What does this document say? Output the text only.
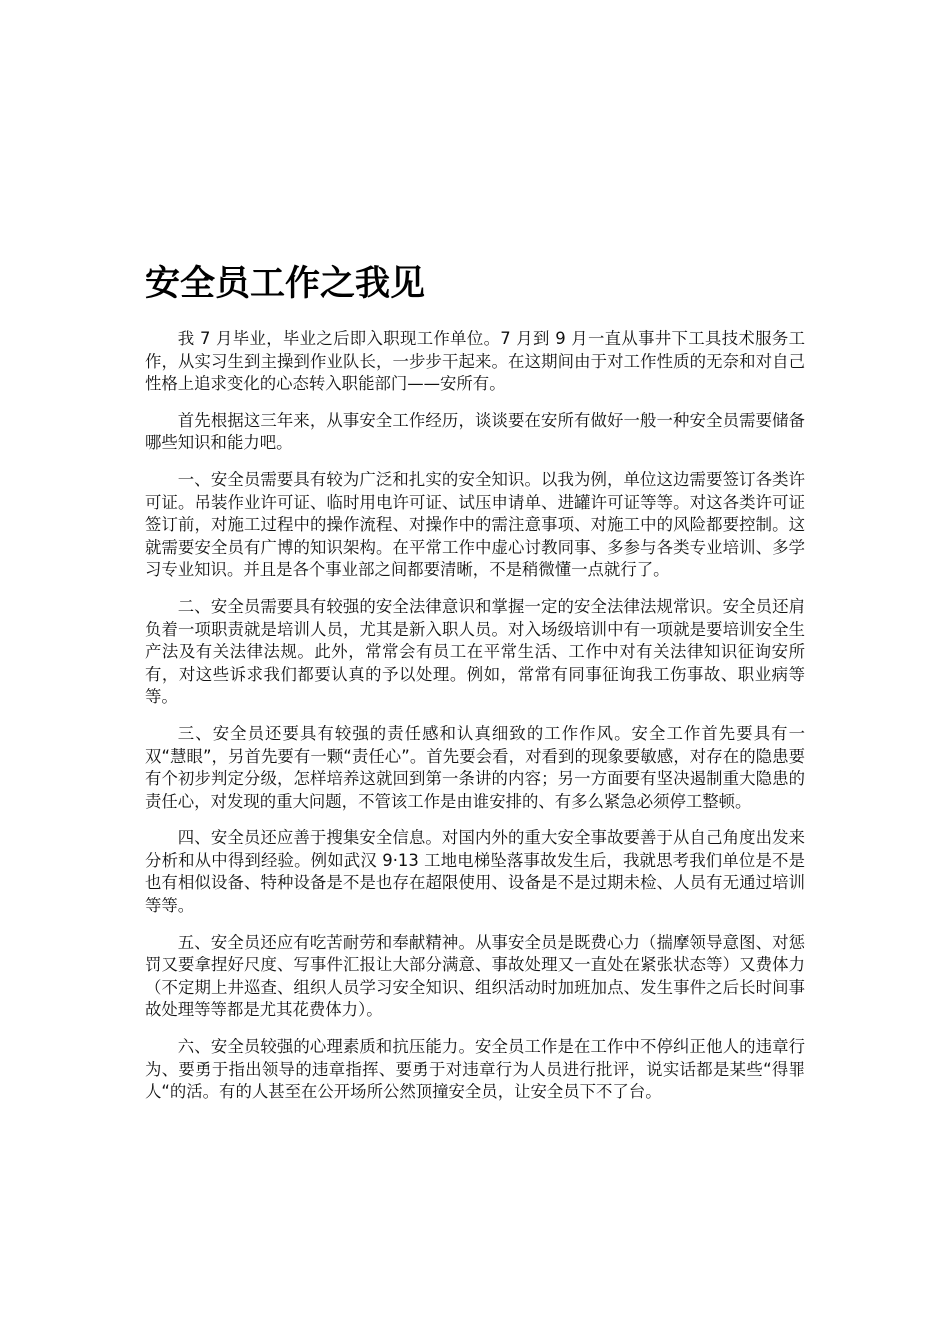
安全员工作之我见

我 7 月毕业，毕业之后即入职现工作单位。7 月到 9 月一直从事井下工具技术服务工作，从实习生到主操到作业队长，一步步干起来。在这期间由于对工作性质的无奈和对自己性格上追求变化的心态转入职能部门——安所有。

首先根据这三年来，从事安全工作经历，谈谈要在安所有做好一般一种安全员需要储备哪些知识和能力吧。

一、安全员需要具有较为广泛和扎实的安全知识。以我为例，单位这边需要签订各类许可证。吊装作业许可证、临时用电许可证、试压申请单、进罐许可证等等。对这各类许可证签订前，对施工过程中的操作流程、对操作中的需注意事项、对施工中的风险都要控制。这就需要安全员有广博的知识架构。在平常工作中虚心讨教同事、多参与各类专业培训、多学习专业知识。并且是各个事业部之间都要清晰，不是稍微懂一点就行了。

二、安全员需要具有较强的安全法律意识和掌握一定的安全法律法规常识。安全员还肩负着一项职责就是培训人员，尤其是新入职人员。对入场级培训中有一项就是要培训安全生产法及有关法律法规。此外，常常会有员工在平常生活、工作中对有关法律知识征询安所有，对这些诉求我们都要认真的予以处理。例如，常常有同事征询我工伤事故、职业病等等。

三、安全员还要具有较强的责任感和认真细致的工作作风。安全工作首先要具有一双“慧眼”，另首先要有一颗“责任心”。首先要会看，对看到的现象要敏感，对存在的隐患要有个初步判定分级，怎样培养这就回到第一条讲的内容；另一方面要有坚决遏制重大隐患的责任心，对发现的重大问题，不管该工作是由谁安排的、有多么紧急必须停工整顿。

四、安全员还应善于搜集安全信息。对国内外的重大安全事故要善于从自己角度出发来分析和从中得到经验。例如武汉 9·13 工地电梯坠落事故发生后，我就思考我们单位是不是也有相似设备、特种设备是不是也存在超限使用、设备是不是过期未检、人员有无通过培训等等。

五、安全员还应有吃苦耐劳和奉献精神。从事安全员是既费心力（揣摩领导意图、对惩罚又要拿捏好尺度、写事件汇报让大部分满意、事故处理又一直处在紧张状态等）又费体力（不定期上井巡查、组织人员学习安全知识、组织活动时加班加点、发生事件之后长时间事故处理等等都是尤其花费体力）。

六、安全员较强的心理素质和抗压能力。安全员工作是在工作中不停纠正他人的违章行为、要勇于指出领导的违章指挥、要勇于对违章行为人员进行批评，说实话都是某些“得罪人“的活。有的人甚至在公开场所公然顶撞安全员，让安全员下不了台。
